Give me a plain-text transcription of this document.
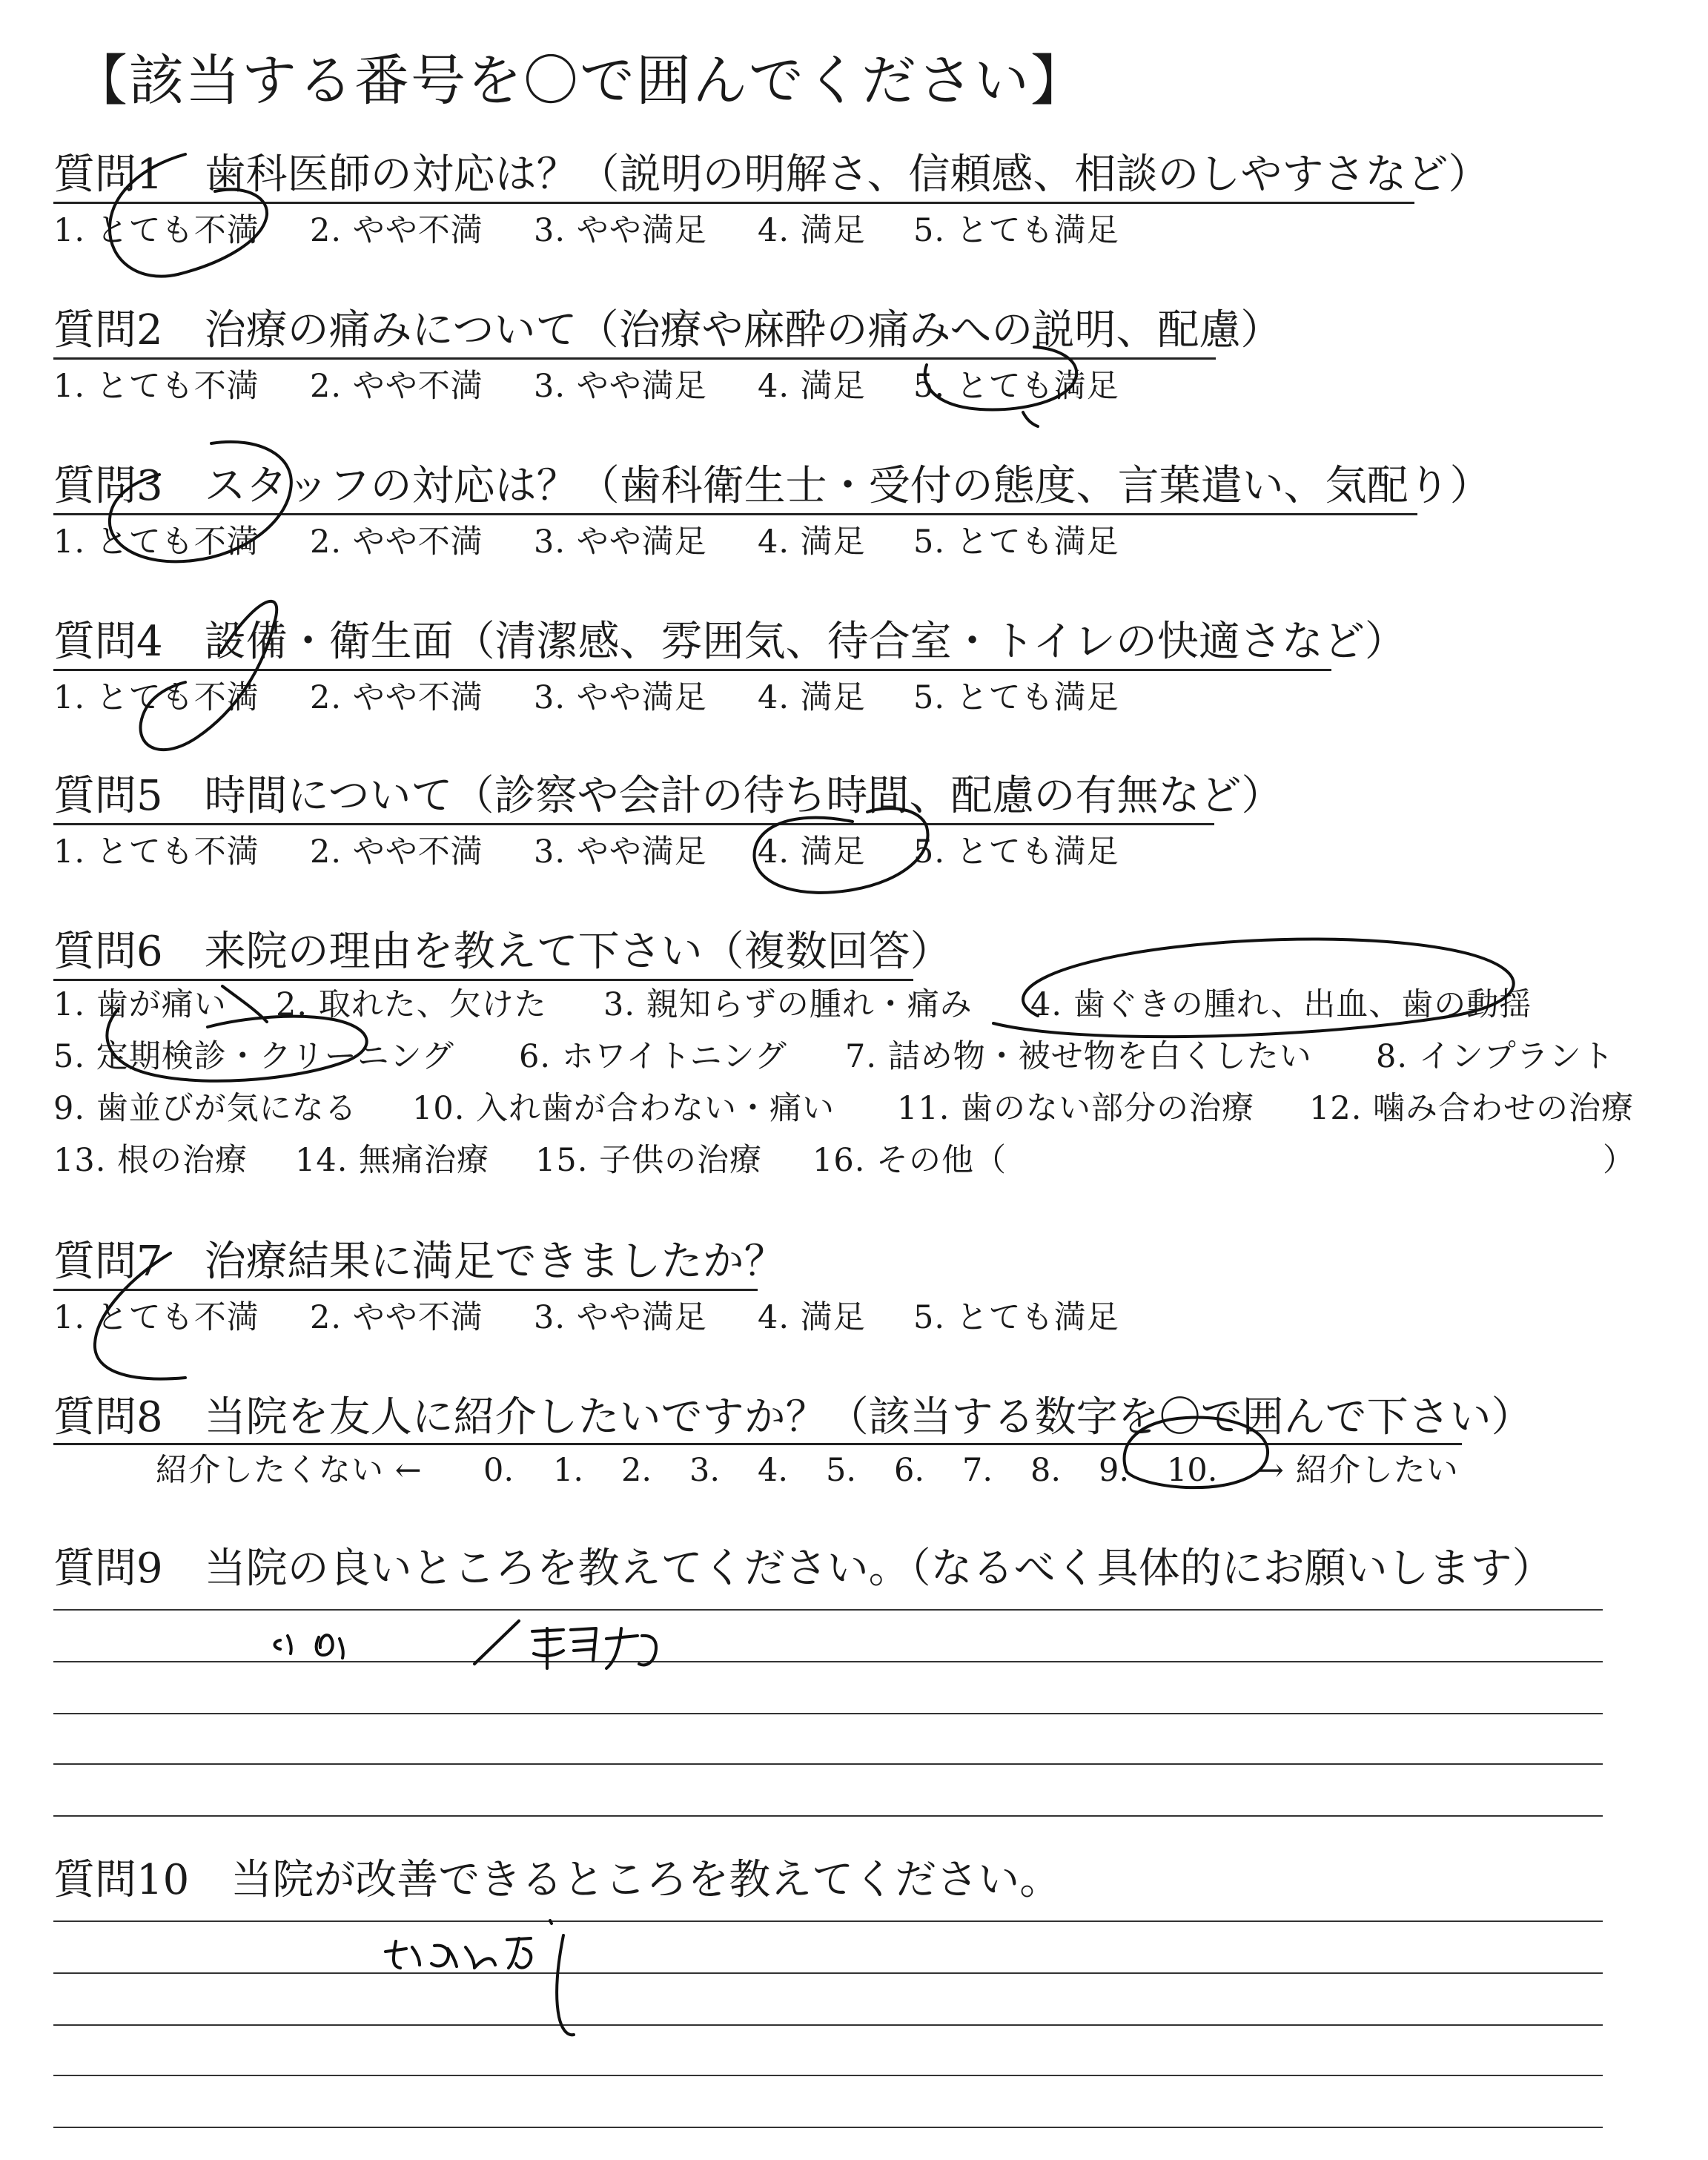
【該当する番号を〇で囲んでください】
質問1　歯科医師の対応は？（説明の明解さ、信頼感、相談のしやすさなど）
1. とても不満 2. やや不満 3. やや満足 4. 満足 5. とても満足
質問2　治療の痛みについて（治療や麻酔の痛みへの説明、配慮）
1. とても不満 2. やや不満 3. やや満足 4. 満足 5. とても満足
質問3　スタッフの対応は？（歯科衛生士・受付の態度、言葉遣い、気配り）
1. とても不満 2. やや不満 3. やや満足 4. 満足 5. とても満足
質問4　設備・衛生面（清潔感、雰囲気、待合室・トイレの快適さなど）
1. とても不満 2. やや不満 3. やや満足 4. 満足 5. とても満足
質問5　時間について（診察や会計の待ち時間、配慮の有無など）
1. とても不満 2. やや不満 3. やや満足 4. 満足 5. とても満足
質問6　来院の理由を教えて下さい（複数回答）
1. 歯が痛い 2. 取れた、欠けた 3. 親知らずの腫れ・痛み 4. 歯ぐきの腫れ、出血、歯の動揺
5. 定期検診・クリーニング 6. ホワイトニング 7. 詰め物・被せ物を白くしたい 8. インプラント
9. 歯並びが気になる 10. 入れ歯が合わない・痛い 11. 歯のない部分の治療 12. 噛み合わせの治療
13. 根の治療 14. 無痛治療 15. 子供の治療 16. その他（	）
質問7　治療結果に満足できましたか？
1. とても不満 2. やや不満 3. やや満足 4. 満足 5. とても満足
質問8　当院を友人に紹介したいですか？（該当する数字を〇で囲んで下さい）
紹介したくない ← 0. 1. 2. 3. 4. 5. 6. 7. 8. 9. 10. → 紹介したい
質問9　当院の良いところを教えてください。（なるべく具体的にお願いします）
質問10　当院が改善できるところを教えてください。
